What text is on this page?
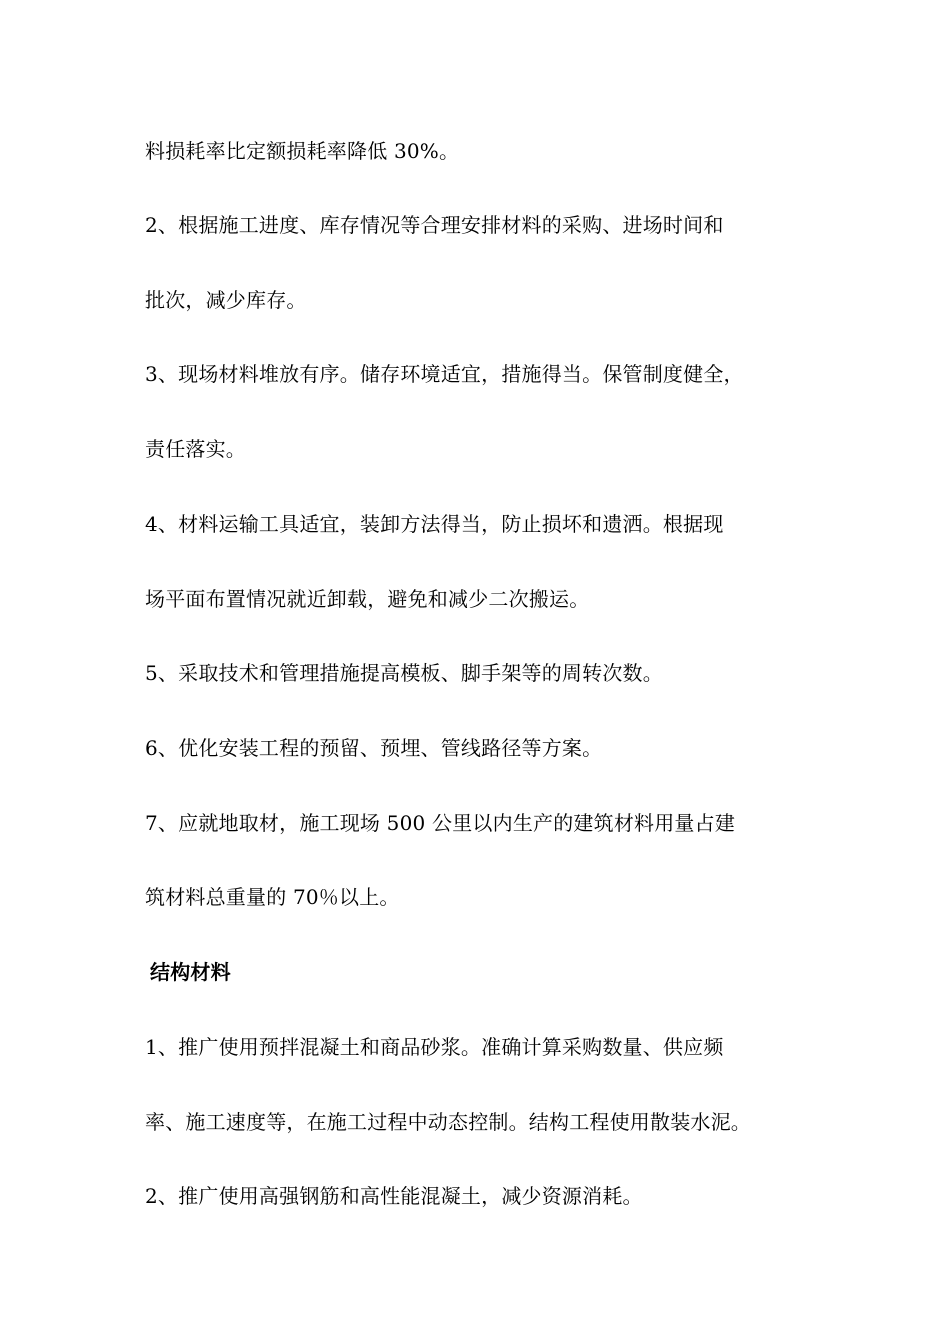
料损耗率比定额损耗率降低 30%。
2、根据施工进度、库存情况等合理安排材料的采购、进场时间和
批次，减少库存。
3、现场材料堆放有序。储存环境适宜，措施得当。保管制度健全，
责任落实。
4、材料运输工具适宜，装卸方法得当，防止损坏和遗洒。根据现
场平面布置情况就近卸载，避免和减少二次搬运。
5、采取技术和管理措施提高模板、脚手架等的周转次数。
6、优化安装工程的预留、预埋、管线路径等方案。
7、应就地取材，施工现场 500 公里以内生产的建筑材料用量占建
筑材料总重量的 70％以上。
结构材料
1、推广使用预拌混凝土和商品砂浆。准确计算采购数量、供应频
率、施工速度等，在施工过程中动态控制。结构工程使用散装水泥。
2、推广使用高强钢筋和高性能混凝土，减少资源消耗。
